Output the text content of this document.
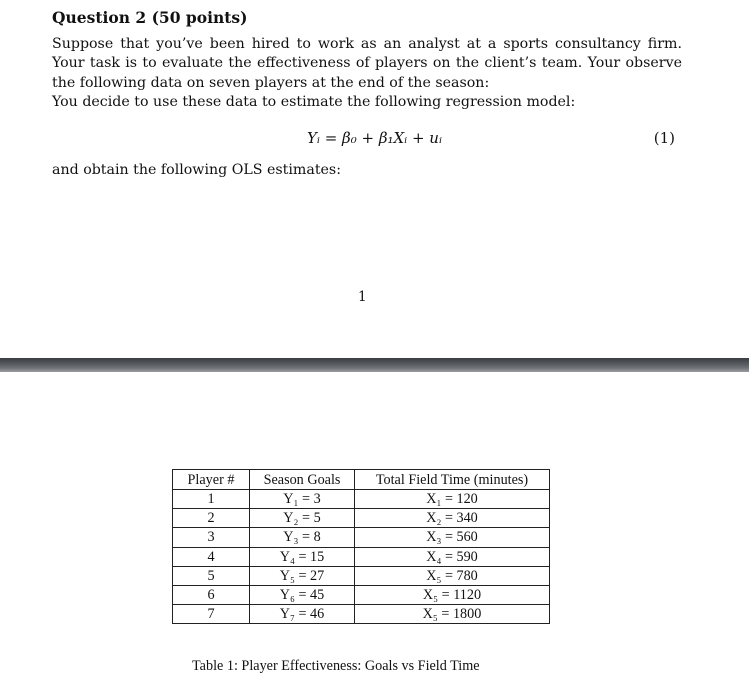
Question 2 (50 points)
Suppose that you’ve been hired to work as an analyst at a sports consultancy firm. Your task is to evaluate the effectiveness of players on the client’s team. Your observe the following data on seven players at the end of the season:
You decide to use these data to estimate the following regression model:
Yᵢ = β₀ + β₁Xᵢ + uᵢ	(1)
and obtain the following OLS estimates:
1
Player #	Season Goals	Total Field Time (minutes)
1	Y₁ = 3	X₁ = 120
2	Y₂ = 5	X₂ = 340
3	Y₃ = 8	X₃ = 560
4	Y₄ = 15	X₄ = 590
5	Y₅ = 27	X₅ = 780
6	Y₆ = 45	X₅ = 1120
7	Y₇ = 46	X₅ = 1800
Table 1: Player Effectiveness: Goals vs Field Time
